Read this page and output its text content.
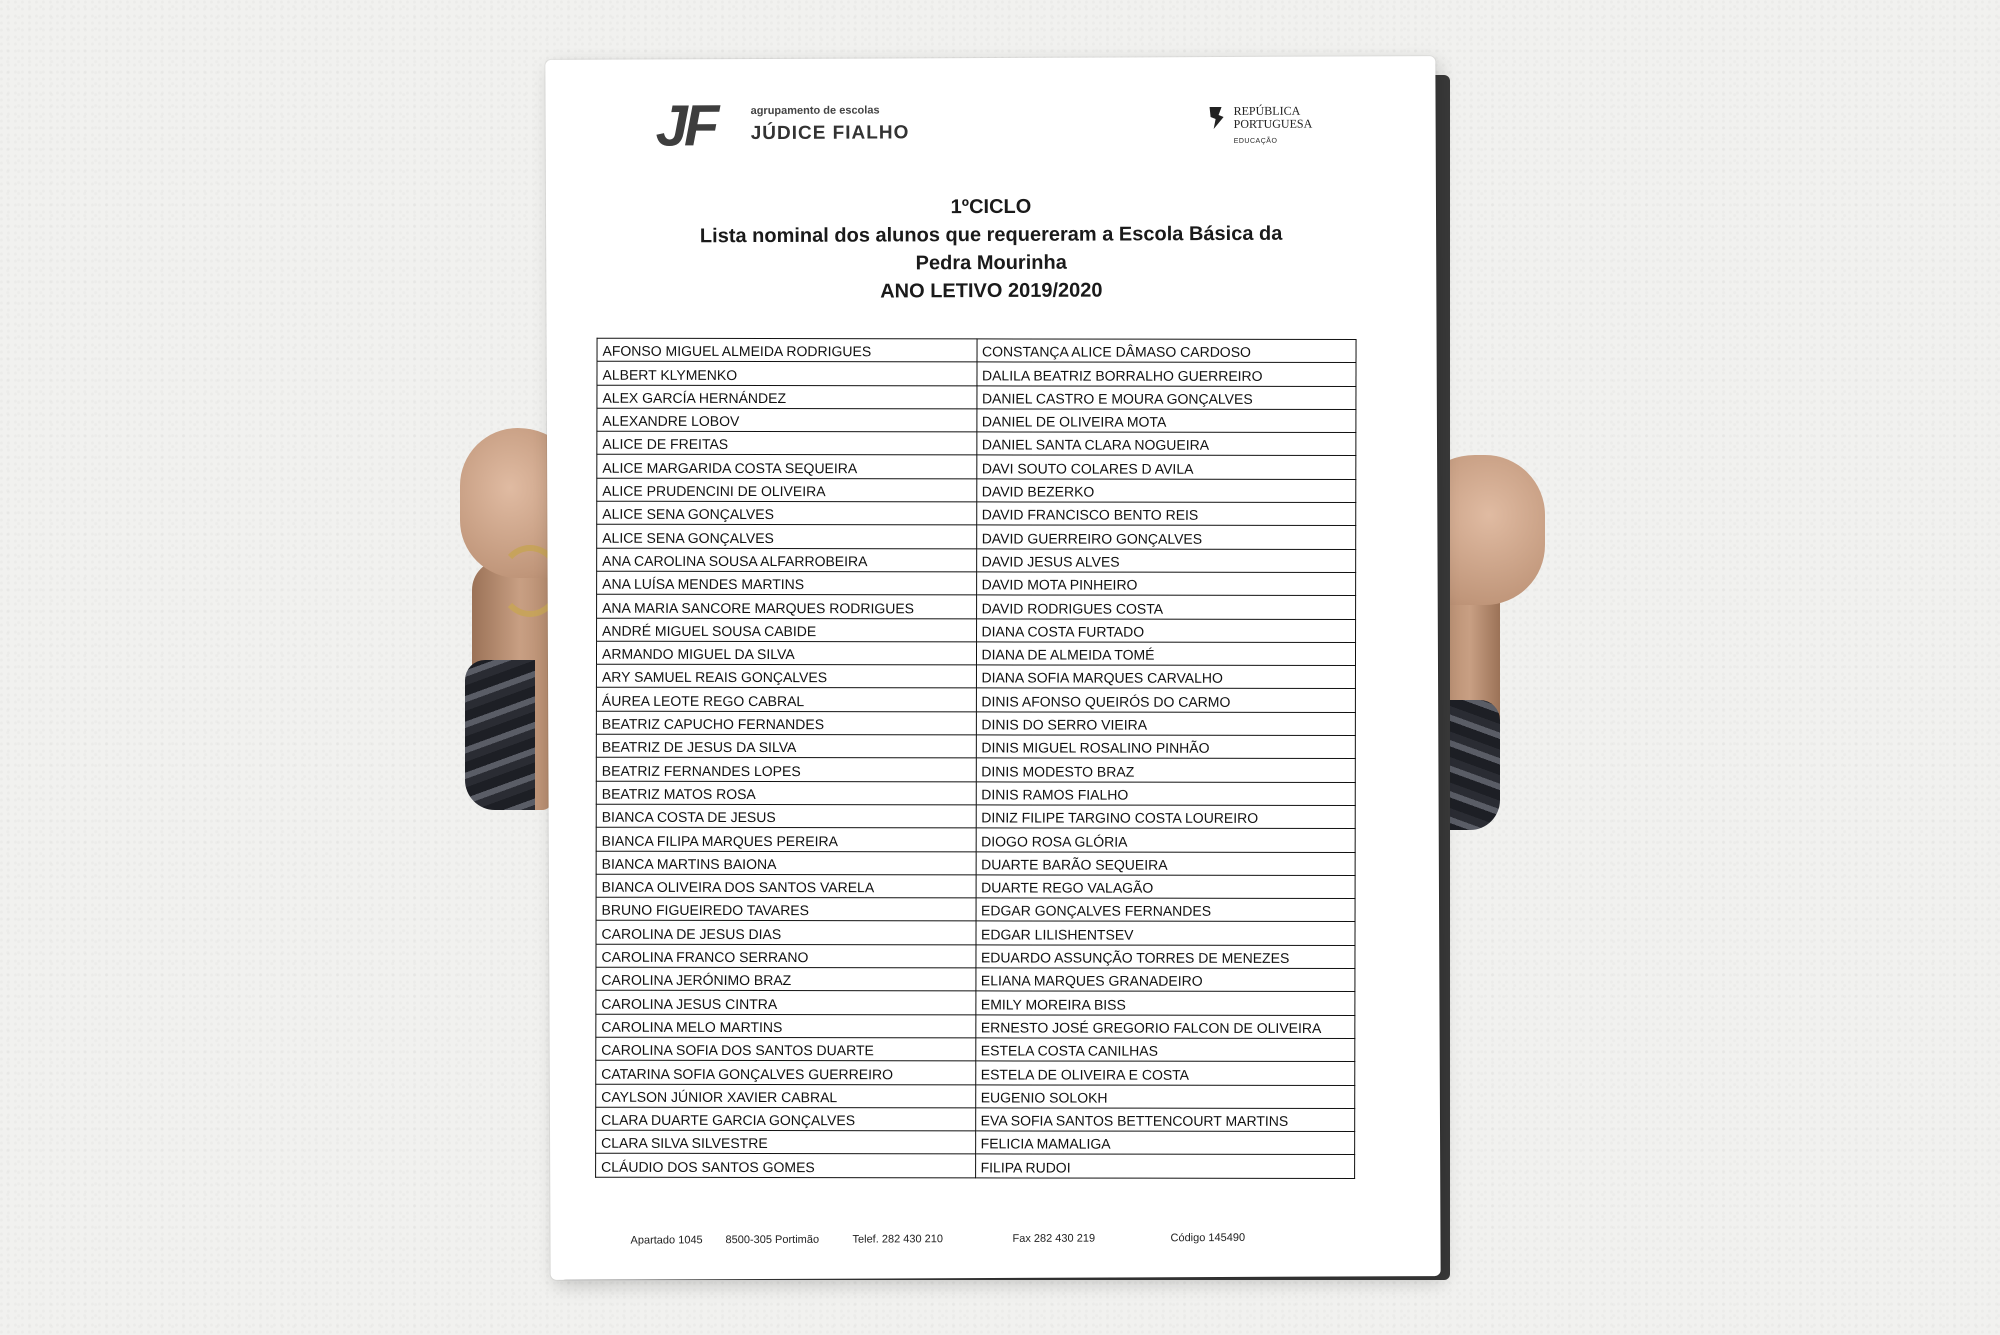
JF	agrupamento de escolas
JÚDICE FIALHO
REPÚBLICA
PORTUGUESA
EDUCAÇÃO
1ºCICLO
Lista nominal dos alunos que requereram a Escola Básica da
Pedra Mourinha
ANO LETIVO 2019/2020
AFONSO MIGUEL ALMEIDA RODRIGUES	CONSTANÇA ALICE DÂMASO CARDOSO
ALBERT KLYMENKO	DALILA BEATRIZ BORRALHO GUERREIRO
ALEX GARCÍA HERNÁNDEZ	DANIEL CASTRO E MOURA GONÇALVES
ALEXANDRE LOBOV	DANIEL DE OLIVEIRA MOTA
ALICE DE FREITAS	DANIEL SANTA CLARA NOGUEIRA
ALICE MARGARIDA COSTA SEQUEIRA	DAVI SOUTO COLARES D AVILA
ALICE PRUDENCINI DE OLIVEIRA	DAVID BEZERKO
ALICE SENA GONÇALVES	DAVID FRANCISCO BENTO REIS
ALICE SENA GONÇALVES	DAVID GUERREIRO GONÇALVES
ANA CAROLINA SOUSA ALFARROBEIRA	DAVID JESUS ALVES
ANA LUÍSA MENDES MARTINS	DAVID MOTA PINHEIRO
ANA MARIA SANCORE MARQUES RODRIGUES	DAVID RODRIGUES COSTA
ANDRÉ MIGUEL SOUSA CABIDE	DIANA COSTA FURTADO
ARMANDO MIGUEL DA SILVA	DIANA DE ALMEIDA TOMÉ
ARY SAMUEL REAIS GONÇALVES	DIANA SOFIA MARQUES CARVALHO
ÁUREA LEOTE REGO CABRAL	DINIS AFONSO QUEIRÓS DO CARMO
BEATRIZ CAPUCHO FERNANDES	DINIS DO SERRO VIEIRA
BEATRIZ DE JESUS DA SILVA	DINIS MIGUEL ROSALINO PINHÃO
BEATRIZ FERNANDES LOPES	DINIS MODESTO BRAZ
BEATRIZ MATOS ROSA	DINIS RAMOS FIALHO
BIANCA COSTA DE JESUS	DINIZ FILIPE TARGINO COSTA LOUREIRO
BIANCA FILIPA MARQUES PEREIRA	DIOGO ROSA GLÓRIA
BIANCA MARTINS BAIONA	DUARTE BARÃO SEQUEIRA
BIANCA OLIVEIRA DOS SANTOS VARELA	DUARTE REGO VALAGÃO
BRUNO FIGUEIREDO TAVARES	EDGAR GONÇALVES FERNANDES
CAROLINA DE JESUS DIAS	EDGAR LILISHENTSEV
CAROLINA FRANCO SERRANO	EDUARDO ASSUNÇÃO TORRES DE MENEZES
CAROLINA JERÓNIMO BRAZ	ELIANA MARQUES GRANADEIRO
CAROLINA JESUS CINTRA	EMILY MOREIRA BISS
CAROLINA MELO MARTINS	ERNESTO JOSÉ GREGORIO FALCON DE OLIVEIRA
CAROLINA SOFIA DOS SANTOS DUARTE	ESTELA COSTA CANILHAS
CATARINA SOFIA GONÇALVES GUERREIRO	ESTELA DE OLIVEIRA E COSTA
CAYLSON JÚNIOR XAVIER CABRAL	EUGENIO SOLOKH
CLARA DUARTE GARCIA GONÇALVES	EVA SOFIA SANTOS BETTENCOURT MARTINS
CLARA SILVA SILVESTRE	FELICIA MAMALIGA
CLÁUDIO DOS SANTOS GOMES	FILIPA RUDOI
Apartado 1045 8500-305 Portimão	Telef. 282 430 210	Fax 282 430 219	Código 145490
